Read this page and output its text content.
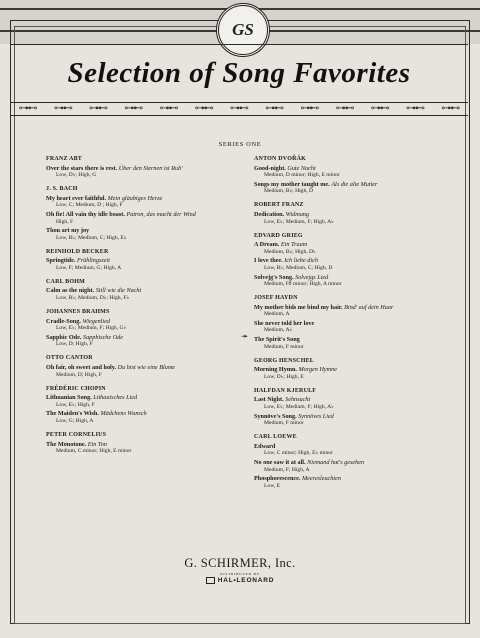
GS
Selection of Song Favorites
⊶⊷ ⊶⊷ ⊶⊷ ⊶⊷ ⊶⊷ ⊶⊷ ⊶⊷ ⊶⊷ ⊶⊷ ⊶⊷ ⊶⊷ ⊶⊷ ⊶⊷
SERIES ONE
FRANZ ABT
Over the stars there is rest. Über den Sternen ist Ruh'
Low, D♭; High, G
J. S. BACH
My heart ever faithful. Mein gläubiges Herze
Low, C; Medium, D ; High, F
Oh fie! All vain thy idle boast. Patron, das macht der Wind
High, F
Thou art my joy
Low, B♭; Medium, C; High, E♭
REINHOLD BECKER
Springtide. Frühlingszeit
Low, F; Medium, G; High, A
CARL BOHM
Calm as the night. Still wie die Nacht
Low, B♭; Medium, D♭; High, F♭
JOHANNES BRAHMS
Cradle-Song. Wiegenlied
Low, E♭; Medium, F; High, G♭
Sapphic Ode. Sapphische Ode
Low, D; High, F
OTTO CANTOR
Oh fair, oh sweet and holy. Du bist wie eine Blume
Medium, D; High, F
FRÉDÉRIC CHOPIN
Lithuanian Song. Lithauisches Lied
Low, E♭; High, F
The Maiden's Wish. Mädchens Wunsch
Low, G; High, A
PETER CORNELIUS
The Monotone. Ein Ton
Medium, C minor; High, E minor
ANTON DVOŘÁK
Good-night. Gute Nacht
Medium, D minor; High, E minor
Songs my mother taught me. Als die alte Mutter
Medium, B♭; High, D
ROBERT FRANZ
Dedication. Widmung
Low, E♭; Medium, F; High, A♭
EDVARD GRIEG
A Dream. Ein Traum
Medium, B♭; High, D♭
I love thee. Ich liebe dich
Low, B♭; Medium, C; High, D
Solvejg's Song. Solvejgs Lied
Medium, F♯ minor; High, A minor
JOSEF HAYDN
My mother bids me bind my hair. Bind' auf dein Haar
Medium, A
She never told her love
Medium, A♭
The Spirit's Song
Medium, F minor
GEORG HENSCHEL
Morning Hymn. Morgen Hymne
Low, D♭; High, E
HALFDAN KJERULF
Last Night. Sehnsucht
Low, E♭; Medium, F; High, A♭
Synnöve's Song. Synnöves Lied
Medium, F minor
CARL LOEWE
Edward
Low, C minor; High, E♭ minor
No one saw it at all. Niemand hat's gesehen
Medium, F; High, A
Phosphorescence. Meeresleuchten
Low, E
➛
G. SCHIRMER, Inc.
DISTRIBUTED BY
HAL•LEONARD
